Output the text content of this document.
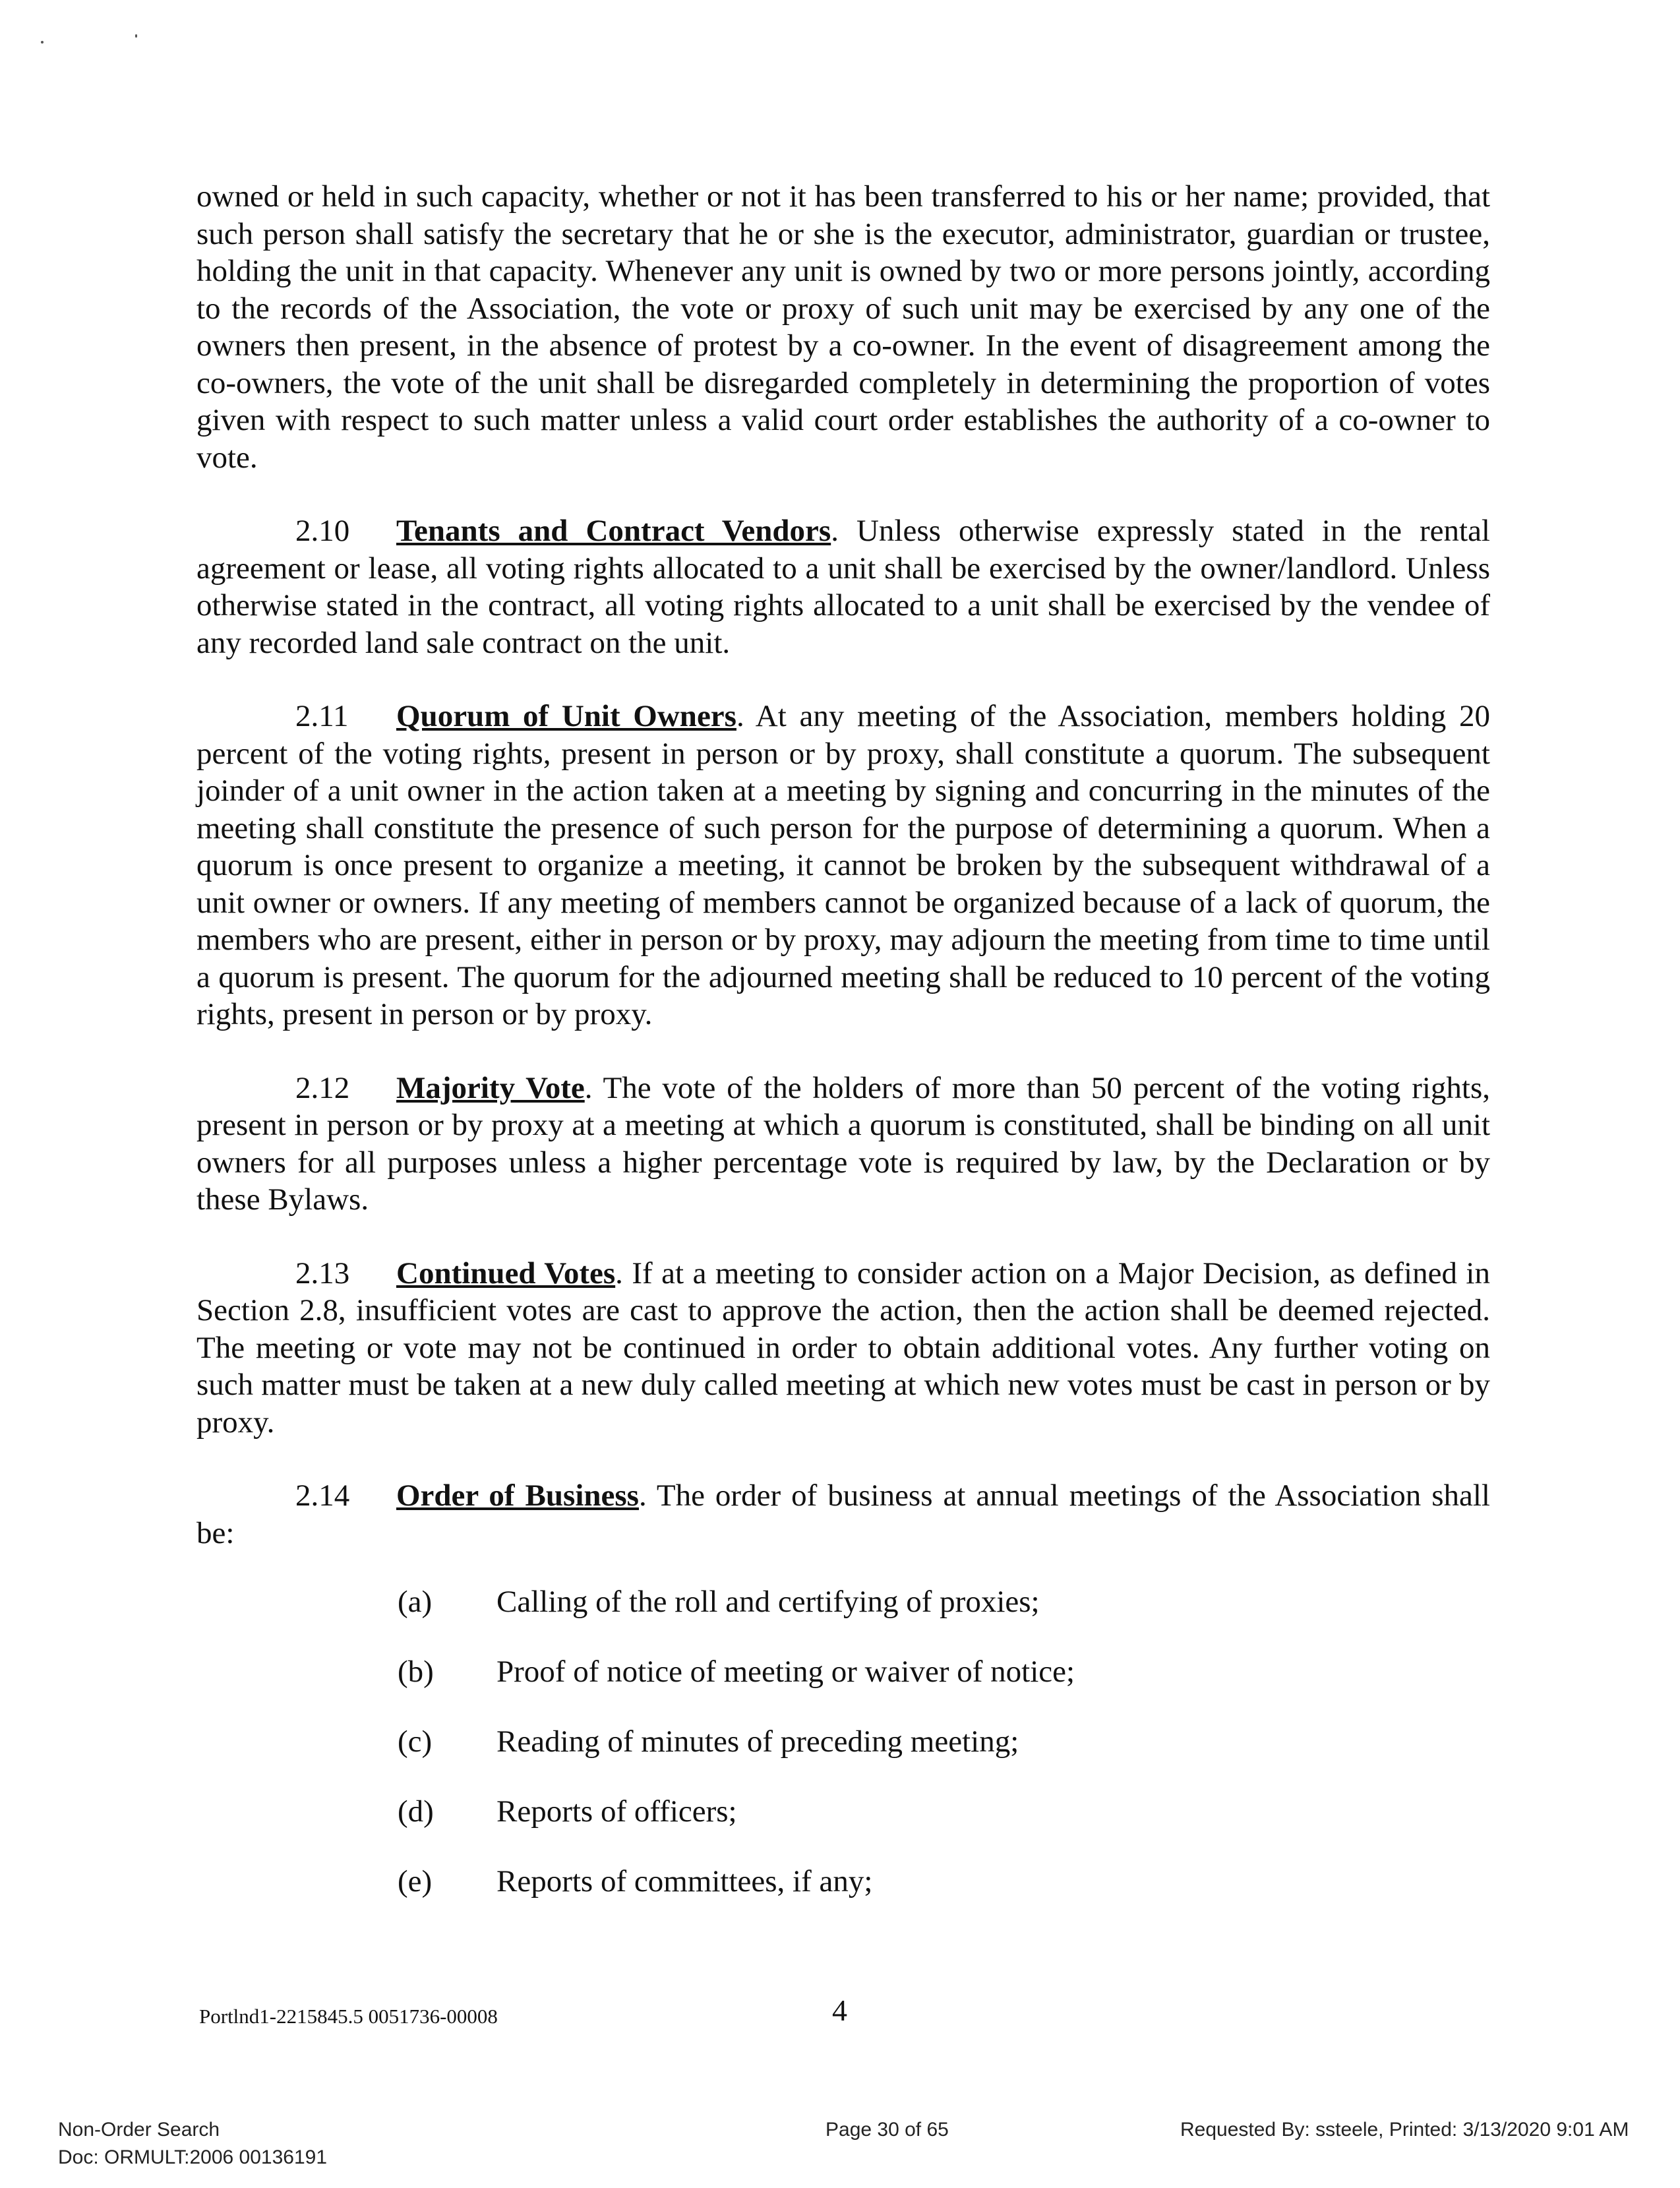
owned or held in such capacity, whether or not it has been transferred to his or her name; provided, that such person shall satisfy the secretary that he or she is the executor, administrator, guardian or trustee, holding the unit in that capacity. Whenever any unit is owned by two or more persons jointly, according to the records of the Association, the vote or proxy of such unit may be exercised by any one of the owners then present, in the absence of protest by a co-owner. In the event of disagreement among the co-owners, the vote of the unit shall be disregarded completely in determining the proportion of votes given with respect to such matter unless a valid court order establishes the authority of a co-owner to vote.

2.10 Tenants and Contract Vendors. Unless otherwise expressly stated in the rental agreement or lease, all voting rights allocated to a unit shall be exercised by the owner/landlord. Unless otherwise stated in the contract, all voting rights allocated to a unit shall be exercised by the vendee of any recorded land sale contract on the unit.

2.11 Quorum of Unit Owners. At any meeting of the Association, members holding 20 percent of the voting rights, present in person or by proxy, shall constitute a quorum. The subsequent joinder of a unit owner in the action taken at a meeting by signing and concurring in the minutes of the meeting shall constitute the presence of such person for the purpose of determining a quorum. When a quorum is once present to organize a meeting, it cannot be broken by the subsequent withdrawal of a unit owner or owners. If any meeting of members cannot be organized because of a lack of quorum, the members who are present, either in person or by proxy, may adjourn the meeting from time to time until a quorum is present. The quorum for the adjourned meeting shall be reduced to 10 percent of the voting rights, present in person or by proxy.

2.12 Majority Vote. The vote of the holders of more than 50 percent of the voting rights, present in person or by proxy at a meeting at which a quorum is constituted, shall be binding on all unit owners for all purposes unless a higher percentage vote is required by law, by the Declaration or by these Bylaws.

2.13 Continued Votes. If at a meeting to consider action on a Major Decision, as defined in Section 2.8, insufficient votes are cast to approve the action, then the action shall be deemed rejected. The meeting or vote may not be continued in order to obtain additional votes. Any further voting on such matter must be taken at a new duly called meeting at which new votes must be cast in person or by proxy.

2.14 Order of Business. The order of business at annual meetings of the Association shall be:

(a)	Calling of the roll and certifying of proxies;
(b)	Proof of notice of meeting or waiver of notice;
(c)	Reading of minutes of preceding meeting;
(d)	Reports of officers;
(e)	Reports of committees, if any;
Portlnd1-2215845.5 0051736-00008	4
Non-Order Search
Doc: ORMULT:2006 00136191
Page 30 of 65	Requested By: ssteele, Printed: 3/13/2020 9:01 AM
